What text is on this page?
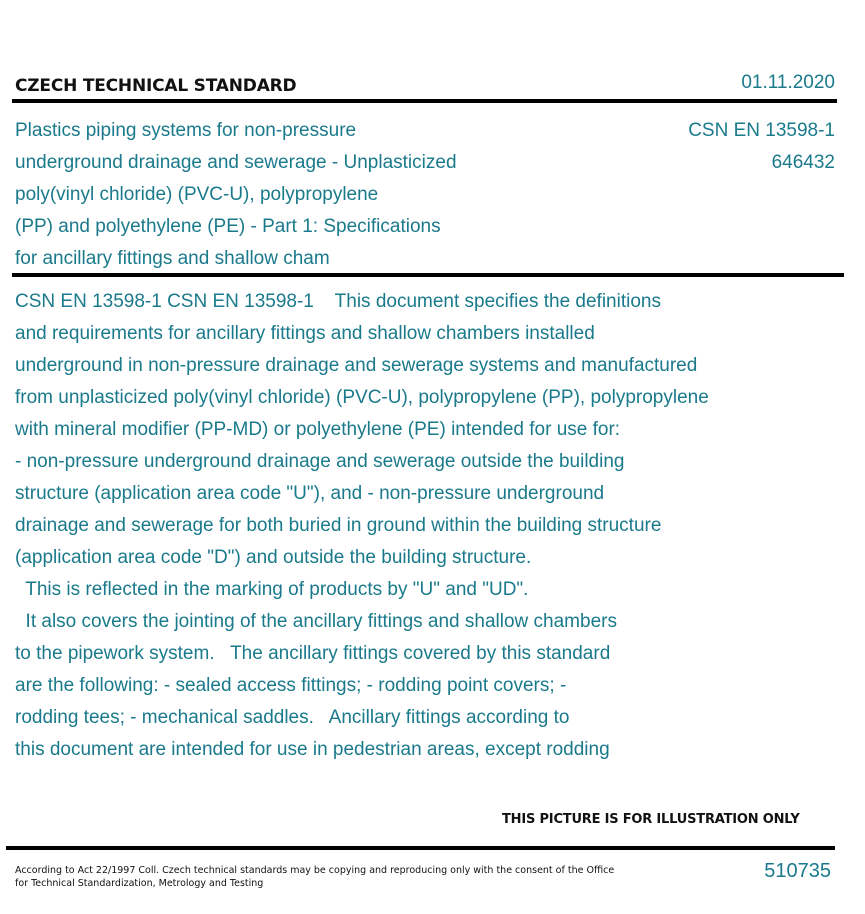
CZECH TECHNICAL STANDARD	01.11.2020
Plastics piping systems for non-pressure
underground drainage and sewerage - Unplasticized
poly(vinyl chloride) (PVC-U), polypropylene
(PP) and polyethylene (PE) - Part 1: Specifications
for ancillary fittings and shallow cham
CSN EN 13598-1
646432
CSN EN 13598-1 CSN EN 13598-1    This document specifies the definitions
and requirements for ancillary fittings and shallow chambers installed
underground in non-pressure drainage and sewerage systems and manufactured
from unplasticized poly(vinyl chloride) (PVC-U), polypropylene (PP), polypropylene
with mineral modifier (PP-MD) or polyethylene (PE) intended for use for:
- non-pressure underground drainage and sewerage outside the building
structure (application area code "U"), and - non-pressure underground
drainage and sewerage for both buried in ground within the building structure
(application area code "D") and outside the building structure.
This is reflected in the marking of products by "U" and "UD".
It also covers the jointing of the ancillary fittings and shallow chambers
to the pipework system.   The ancillary fittings covered by this standard
are the following: - sealed access fittings; - rodding point covers; -
rodding tees; - mechanical saddles.   Ancillary fittings according to
this document are intended for use in pedestrian areas, except rodding
THIS PICTURE IS FOR ILLUSTRATION ONLY
According to Act 22/1997 Coll. Czech technical standards may be copying and reproducing only with the consent of the Office
for Technical Standardization, Metrology and Testing
510735
